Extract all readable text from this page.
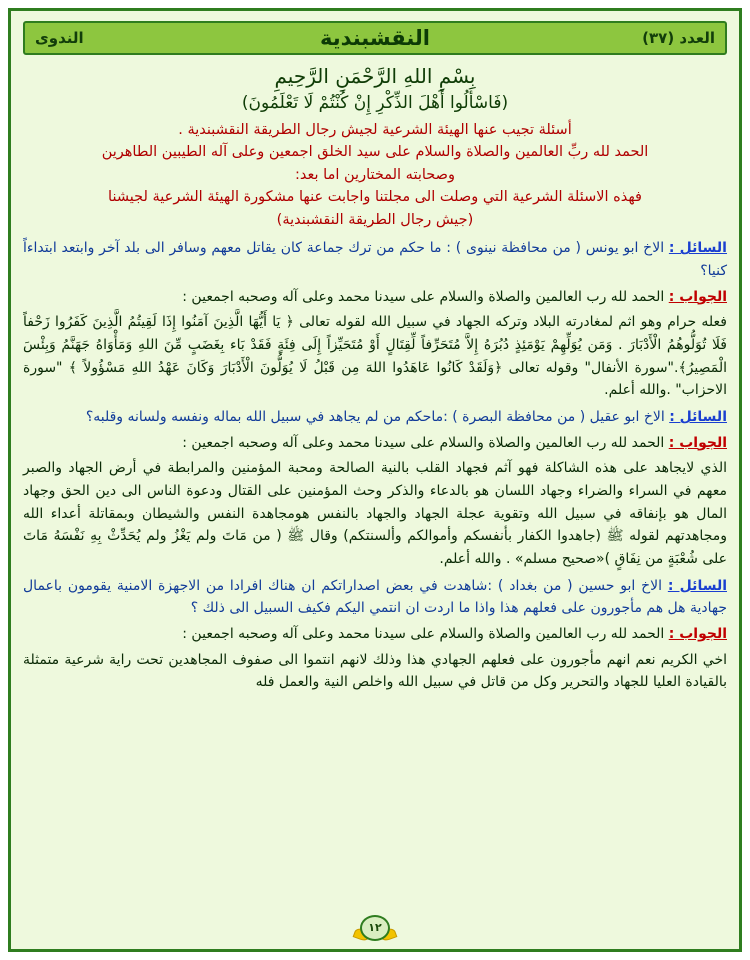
العدد (٣٧)
النقشبندية
الندوى
بِسْمِ اللهِ الرَّحْمَنِ الرَّحِيمِ
(فَاسْأَلُوا أَهْلَ الذِّكْرِ إِنْ كُنْتُمْ لَا تَعْلَمُونَ)
أسئلة تجيب عنها الهيئة الشرعية لجيش رجال الطريقة النقشبندية .
الحمد لله ربِّ العالمين والصلاة والسلام على سيد الخلق اجمعين وعلى آله الطيبين الطاهرين
وصحابته المختارين اما بعد:
فهذه الاسئلة الشرعية التي وصلت الى مجلتنا واجابت عنها مشكورة الهيئة الشرعية لجيشنا
(جيش رجال الطريقة النقشبندية)

السائل : الاخ ابو يونس ( من محافظة نينوى ) : ما حكم من ترك جماعة كان يقاتل معهم وسافر الى بلد آخر وابتعد ابتداءاً كنيا؟

الجواب : الحمد لله رب العالمين والصلاة والسلام على سيدنا محمد وعلى آله وصحبه اجمعين :

فعله حرام وهو اثم لمغادرته البلاد وتركه الجهاد في سبيل الله لقوله تعالى ﴿ يَا أَيُّهَا الَّذِينَ آمَنُوا إِذَا لَقِيتُمُ الَّذِينَ كَفَرُوا زَحْفاً فَلَا تُوَلُّوهُمُ الْأَدْبَارَ . وَمَن يُوَلِّهِمْ يَوْمَئِذٍ دُبُرَهُ إِلاَّ مُتَحَرِّفاً لِّقِتَالٍ أَوْ مُتَحَيِّزاً إِلَى فِئَةٍ فَقَدْ بَاء بِغَضَبٍ مِّنَ اللهِ وَمَأْوَاهُ جَهَنَّمُ وَبِئْسَ الْمَصِيرُ﴾."سورة الأنفال" وقوله تعالى ﴿وَلَقَدْ كَانُوا عَاهَدُوا اللهَ مِن قَبْلُ لَا يُوَلُّونَ الْأَدْبَارَ وَكَانَ عَهْدُ اللهِ مَسْؤُولاً ﴾ "سورة الاحزاب" .والله أعلم.

السائل : الاخ ابو عقيل ( من محافظة البصرة ) :ماحكم من لم يجاهد في سبيل الله بماله ونفسه ولسانه وقلبه؟

الجواب : الحمد لله رب العالمين والصلاة والسلام على سيدنا محمد وعلى آله وصحبه اجمعين :

الذي لايجاهد على هذه الشاكلة فهو آثم فجهاد القلب بالنية الصالحة ومحبة المؤمنين والمرابطة في أرض الجهاد والصبر معهم في السراء والضراء وجهاد اللسان هو بالدعاء والذكر وحث المؤمنين على القتال ودعوة الناس الى دين الحق وجهاد المال هو بإنفاقه في سبيل الله وتقوية عجلة الجهاد والجهاد بالنفس هومجاهدة النفس والشيطان وبمقاتلة أعداء الله ومجاهدتهم لقوله ﷺ (جاهدوا الكفار بأنفسكم وأموالكم وألسنتكم) وقال ﷺ ( من مَاتَ ولم يَغْزُ ولم يُحَدِّثْ بِهِ نَفْسَهُ مَاتَ على شُعْبَةٍ من نِفَاقٍ )«صحيح مسلم» . والله أعلم.

السائل : الاخ ابو حسين ( من بغداد ) :شاهدت في بعض اصداراتكم ان هناك افرادا من الاجهزة الامنية يقومون باعمال جهادية هل هم مأجورون على فعلهم هذا واذا ما اردت ان انتمي اليكم فكيف السبيل الى ذلك ؟

الجواب : الحمد لله رب العالمين والصلاة والسلام على سيدنا محمد وعلى آله وصحبه اجمعين :

اخي الكريم نعم انهم مأجورون على فعلهم الجهادي هذا وذلك لانهم انتموا الى صفوف المجاهدين تحت راية شرعية متمثلة بالقيادة العليا للجهاد والتحرير وكل من قاتل في سبيل الله واخلص النية والعمل فله

١٢
